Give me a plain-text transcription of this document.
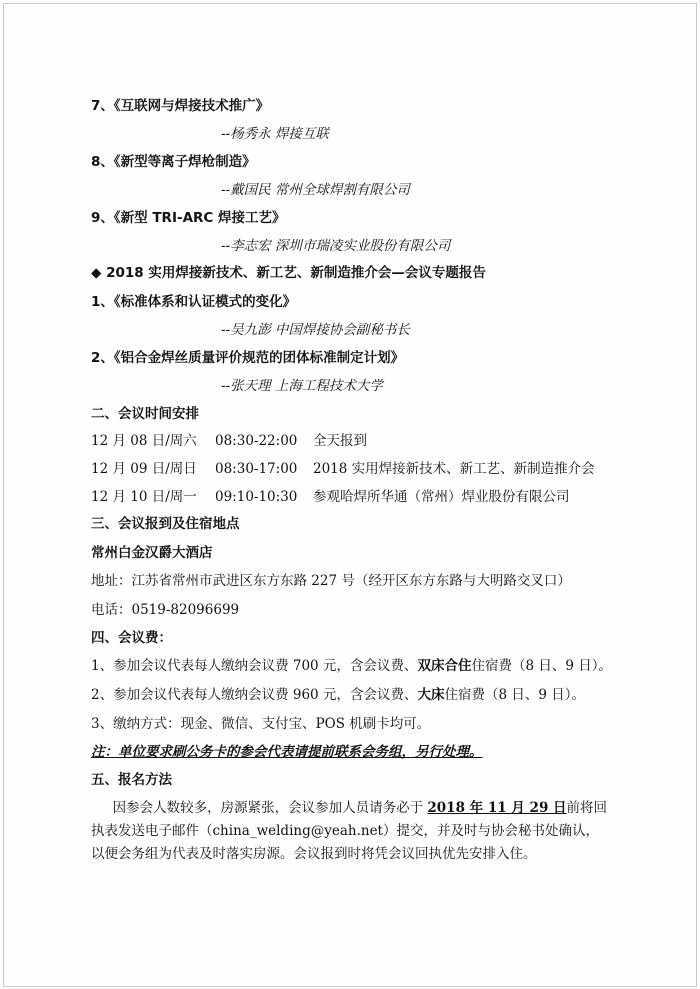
7、《互联网与焊接技术推广》
--杨秀永 焊接互联
8、《新型等离子焊枪制造》
--戴国民 常州全球焊割有限公司
9、《新型 TRI-ARC 焊接工艺》
--李志宏 深圳市瑞凌实业股份有限公司
◆ 2018 实用焊接新技术、新工艺、新制造推介会—会议专题报告
1、《标准体系和认证模式的变化》
--吴九澎 中国焊接协会副秘书长
2、《铝合金焊丝质量评价规范的团体标准制定计划》
--张天理 上海工程技术大学
二、会议时间安排
12 月 08 日/周六 08:30-22:00 全天报到
12 月 09 日/周日 08:30-17:00 2018 实用焊接新技术、新工艺、新制造推介会
12 月 10 日/周一 09:10-10:30 参观哈焊所华通（常州）焊业股份有限公司
三、会议报到及住宿地点
常州白金汉爵大酒店
地址：江苏省常州市武进区东方东路 227 号（经开区东方东路与大明路交叉口）
电话：0519-82096699
四、会议费：
1、参加会议代表每人缴纳会议费 700 元，含会议费、双床合住住宿费（8 日、9 日）。
2、参加会议代表每人缴纳会议费 960 元，含会议费、大床住宿费（8 日、9 日）。
3、缴纳方式：现金、微信、支付宝、POS 机刷卡均可。
注：单位要求刷公务卡的参会代表请提前联系会务组，另行处理。
五、报名方法
因参会人数较多，房源紧张，会议参加人员请务必于 2018 年 11 月 29 日前将回执表发送电子邮件（china_welding@yeah.net）提交，并及时与协会秘书处确认，以便会务组为代表及时落实房源。会议报到时将凭会议回执优先安排入住。
